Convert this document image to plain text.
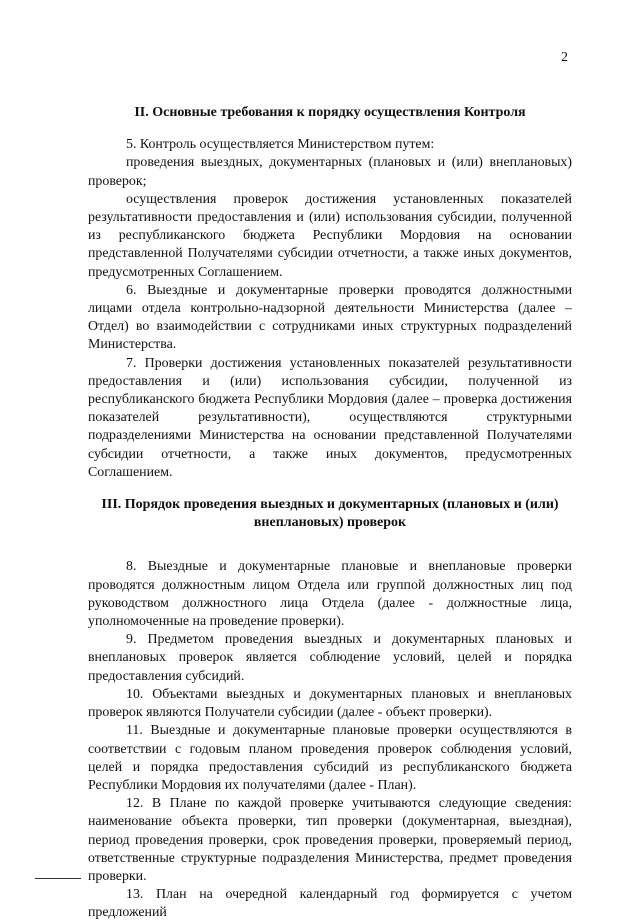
2
II. Основные требования к порядку осуществления Контроля

5. Контроль осуществляется Министерством путем:

проведения выездных, документарных (плановых и (или) внеплановых) проверок;

осуществления проверок достижения установленных показателей результативности предоставления и (или) использования субсидии, полученной из республиканского бюджета Республики Мордовия на основании представленной Получателями субсидии отчетности, а также иных документов, предусмотренных Соглашением.

6. Выездные и документарные проверки проводятся должностными лицами отдела контрольно-надзорной деятельности Министерства (далее – Отдел) во взаимодействии с сотрудниками иных структурных подразделений Министерства.

7. Проверки достижения установленных показателей результативности предоставления и (или) использования субсидии, полученной из республиканского бюджета Республики Мордовия (далее – проверка достижения показателей результативности), осуществляются структурными подразделениями Министерства на основании представленной Получателями субсидии отчетности, а также иных документов, предусмотренных Соглашением.

III. Порядок проведения выездных и документарных (плановых и (или) внеплановых) проверок

8. Выездные и документарные плановые и внеплановые проверки проводятся должностным лицом Отдела или группой должностных лиц под руководством должностного лица Отдела (далее - должностные лица, уполномоченные на проведение проверки).

9. Предметом проведения выездных и документарных плановых и внеплановых проверок является соблюдение условий, целей и порядка предоставления субсидий.

10. Объектами выездных и документарных плановых и внеплановых проверок являются Получатели субсидии (далее - объект проверки).

11. Выездные и документарные плановые проверки осуществляются в соответствии с годовым планом проведения проверок соблюдения условий, целей и порядка предоставления субсидий из республиканского бюджета Республики Мордовия их получателями (далее - План).

12. В Плане по каждой проверке учитываются следующие сведения: наименование объекта проверки, тип проверки (документарная, выездная), период проведения проверки, срок проведения проверки, проверяемый период, ответственные структурные подразделения Министерства, предмет проведения проверки.

13. План на очередной календарный год формируется с учетом предложений
